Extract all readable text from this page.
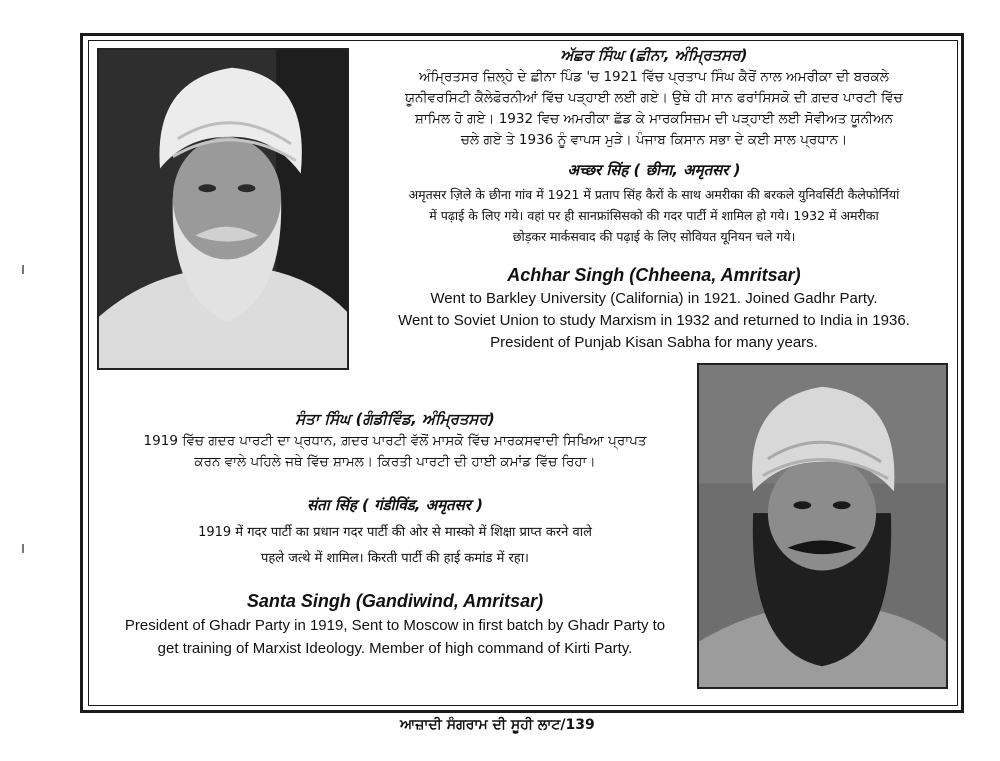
ਅੱਛਰ ਸਿੰਘ (ਛੀਨਾ, ਅੰਮ੍ਰਿਤਸਰ)
ਅੰਮ੍ਰਿਤਸਰ ਜ਼ਿਲ੍ਹੇ ਦੇ ਛੀਨਾ ਪਿੰਡ 'ਚ 1921 ਵਿੱਚ ਪ੍ਰਤਾਪ ਸਿੰਘ ਕੈਰੋਂ ਨਾਲ ਅਮਰੀਕਾ ਦੀ ਬਰਕਲੇ
ਯੂਨੀਵਰਸਿਟੀ ਕੈਲੇਫੋਰਨੀਆਂ ਵਿੱਚ ਪੜ੍ਹਾਈ ਲਈ ਗਏ। ਉਥੇ ਹੀ ਸਾਨ ਫਰਾਂਸਿਸਕੋ ਦੀ ਗ਼ਦਰ ਪਾਰਟੀ ਵਿੱਚ
ਸ਼ਾਮਿਲ ਹੋ ਗਏ। 1932 ਵਿਚ ਅਮਰੀਕਾ ਛੱਡ ਕੇ ਮਾਰਕਸਿਜ਼ਮ ਦੀ ਪੜ੍ਹਾਈ ਲਈ ਸੋਵੀਅਤ ਯੂਨੀਅਨ
ਚਲੇ ਗਏ ਤੇ 1936 ਨੂੰ ਵਾਪਸ ਮੁੜੇ। ਪੰਜਾਬ ਕਿਸਾਨ ਸਭਾ ਦੇ ਕਈ ਸਾਲ ਪ੍ਰਧਾਨ।
अच्छर सिंह ( छीना, अमृतसर )
अमृतसर ज़िले के छीना गांव में 1921 में प्रताप सिंह कैरों के साथ अमरीका की बरकले युनिवर्सिटी कैलेफोर्नियां
में पढ़ाई के लिए गये। वहां पर ही सानफ्रांसिसको की गदर पार्टी में शामिल हो गये। 1932 में अमरीका
छोड़कर मार्कसवाद की पढ़ाई के लिए सोवियत यूनियन चले गये।
Achhar Singh (Chheena, Amritsar)
Went to Barkley University (California) in 1921. Joined Gadhr Party.
Went to Soviet Union to study Marxism in 1932 and returned to India in 1936.
President of Punjab Kisan Sabha for many years.
ਸੰਤਾ ਸਿੰਘ (ਗੰਡੀਵਿੰਡ, ਅੰਮ੍ਰਿਤਸਰ)
1919 ਵਿੱਚ ਗਦਰ ਪਾਰਟੀ ਦਾ ਪ੍ਰਧਾਨ, ਗ਼ਦਰ ਪਾਰਟੀ ਵੱਲੋਂ ਮਾਸਕੋ ਵਿੱਚ ਮਾਰਕਸਵਾਦੀ ਸਿਖਿਆ ਪ੍ਰਾਪਤ
ਕਰਨ ਵਾਲੇ ਪਹਿਲੇ ਜਥੇ ਵਿੱਚ ਸ਼ਾਮਲ। ਕਿਰਤੀ ਪਾਰਟੀ ਦੀ ਹਾਈ ਕਮਾਂਡ ਵਿੱਚ ਰਿਹਾ।
संता सिंह ( गंडीविंड, अमृतसर )
1919 में गदर पार्टी का प्रधान गदर पार्टी की ओर से मास्को में शिक्षा प्राप्त करने वाले
पहले जत्थे में शामिल। किरती पार्टी की हाई कमांड में रहा।
Santa Singh (Gandiwind, Amritsar)
President of Ghadr Party in 1919, Sent to Moscow in first batch by Ghadr Party to
get training of Marxist Ideology. Member of high command of Kirti Party.
ਆਜ਼ਾਦੀ ਸੰਗਰਾਮ ਦੀ ਸੂਹੀ ਲਾਟ/139
